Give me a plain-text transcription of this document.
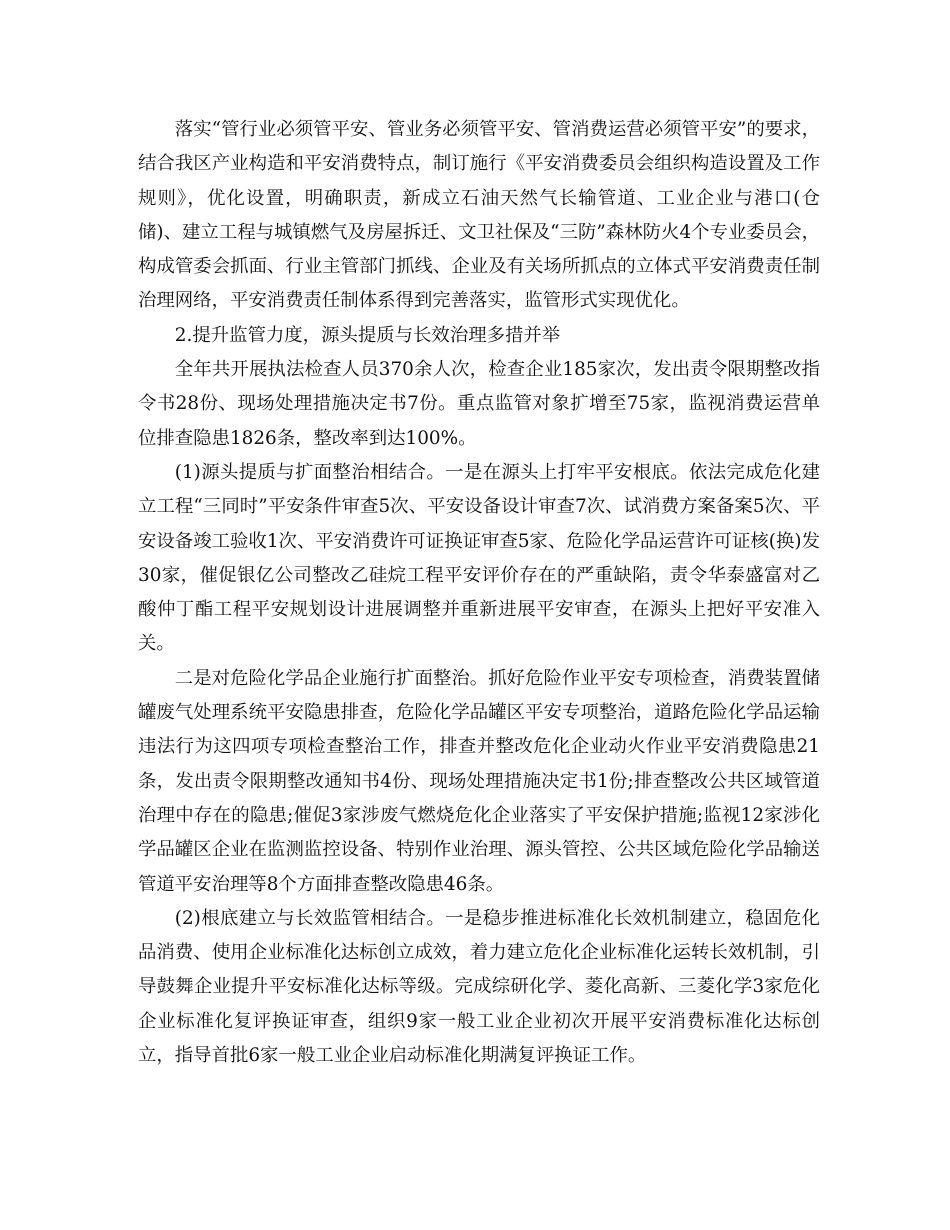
落实“管行业必须管平安、管业务必须管平安、管消费运营必须管平安”的要求，结合我区产业构造和平安消费特点，制订施行《平安消费委员会组织构造设置及工作规则》，优化设置，明确职责，新成立石油天然气长输管道、工业企业与港口(仓储)、建立工程与城镇燃气及房屋拆迁、文卫社保及“三防”森林防火4个专业委员会，构成管委会抓面、行业主管部门抓线、企业及有关场所抓点的立体式平安消费责任制治理网络，平安消费责任制体系得到完善落实，监管形式实现优化。

2.提升监管力度，源头提质与长效治理多措并举

全年共开展执法检查人员370余人次，检查企业185家次，发出责令限期整改指令书28份、现场处理措施决定书7份。重点监管对象扩增至75家，监视消费运营单位排查隐患1826条，整改率到达100%。

(1)源头提质与扩面整治相结合。一是在源头上打牢平安根底。依法完成危化建立工程“三同时”平安条件审查5次、平安设备设计审查7次、试消费方案备案5次、平安设备竣工验收1次、平安消费许可证换证审查5家、危险化学品运营许可证核(换)发30家，催促银亿公司整改乙硅烷工程平安评价存在的严重缺陷，责令华泰盛富对乙酸仲丁酯工程平安规划设计进展调整并重新进展平安审查，在源头上把好平安准入关。

二是对危险化学品企业施行扩面整治。抓好危险作业平安专项检查，消费装置储罐废气处理系统平安隐患排查，危险化学品罐区平安专项整治，道路危险化学品运输违法行为这四项专项检查整治工作，排查并整改危化企业动火作业平安消费隐患21条，发出责令限期整改通知书4份、现场处理措施决定书1份;排查整改公共区域管道治理中存在的隐患;催促3家涉废气燃烧危化企业落实了平安保护措施;监视12家涉化学品罐区企业在监测监控设备、特别作业治理、源头管控、公共区域危险化学品输送管道平安治理等8个方面排查整改隐患46条。

(2)根底建立与长效监管相结合。一是稳步推进标准化长效机制建立，稳固危化品消费、使用企业标准化达标创立成效，着力建立危化企业标准化运转长效机制，引导鼓舞企业提升平安标准化达标等级。完成综研化学、菱化高新、三菱化学3家危化企业标准化复评换证审查，组织9家一般工业企业初次开展平安消费标准化达标创立，指导首批6家一般工业企业启动标准化期满复评换证工作。
